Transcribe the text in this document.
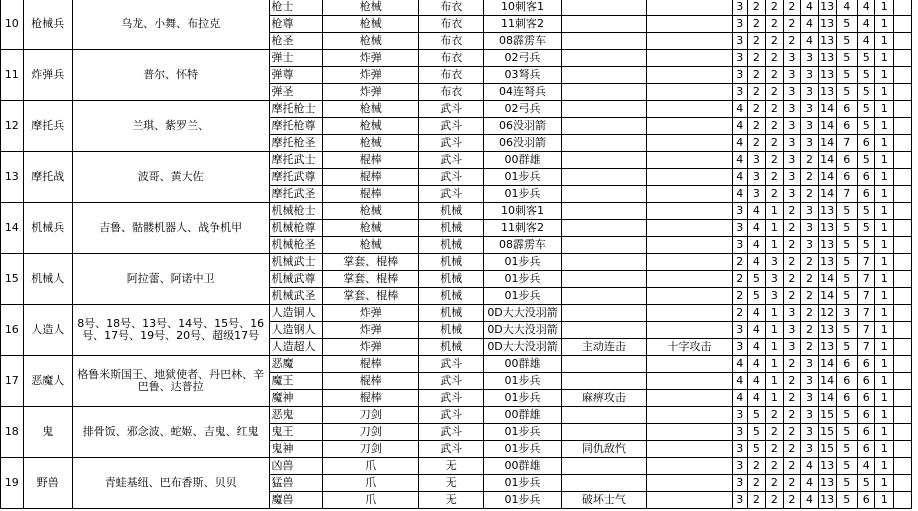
10	枪械兵	乌龙、小舞、布拉克	枪士	枪械	布衣	10刺客1			3	2	2	2	4	13	4	4	1	
			枪尊	枪械	布衣	11刺客2			3	2	2	2	4	13	5	4	1	
			枪圣	枪械	布衣	08霹雳车			3	2	2	2	4	13	5	4	1	
11	炸弹兵	普尔、怀特	弹士	炸弹	布衣	02弓兵			3	2	2	3	3	13	5	5	1	
			弹尊	炸弹	布衣	03弩兵			3	2	2	3	3	13	5	5	1	
			弹圣	炸弹	布衣	04连弩兵			3	2	2	3	3	13	5	5	1	
12	摩托兵	兰琪、紫罗兰、	摩托枪士	枪械	武斗	02弓兵			4	2	2	3	3	14	6	5	1	
			摩托枪尊	枪械	武斗	06没羽箭			4	2	2	3	3	14	6	5	1	
			摩托枪圣	枪械	武斗	06没羽箭			4	2	2	3	3	14	7	6	1	
13	摩托战	波哥、黄大佐	摩托武士	棍棒	武斗	00群雄			4	3	2	3	2	14	6	5	1	
			摩托武尊	棍棒	武斗	01步兵			4	3	2	3	2	14	6	6	1	
			摩托武圣	棍棒	武斗	01步兵			4	3	2	3	2	14	7	6	1	
14	机械兵	吉鲁、骷髅机器人、战争机甲	机械枪士	枪械	机械	10刺客1			3	4	1	2	3	13	5	5	1	
			机械枪尊	枪械	机械	11刺客2			3	4	1	2	3	13	5	5	1	
			机械枪圣	枪械	机械	08霹雳车			3	4	1	2	3	13	5	5	1	
15	机械人	阿拉蕾、阿诺中卫	机械武士	掌套、棍棒	机械	01步兵			2	4	3	2	2	13	5	7	1	
			机械武尊	掌套、棍棒	机械	01步兵			2	5	3	2	2	14	5	7	1	
			机械武圣	掌套、棍棒	机械	01步兵			2	5	3	2	2	14	5	7	1	
16	人造人	8号、18号、13号、14号、15号、16号、17号、19号、20号、超级17号	人造铜人	炸弹	机械	0D大大没羽箭			2	4	1	3	2	12	3	7	1	
			人造钢人	炸弹	机械	0D大大没羽箭			3	4	1	3	2	13	5	7	1	
			人造超人	炸弹	机械	0D大大没羽箭	主动连击	十字攻击	3	4	1	3	2	13	5	7	1	
17	恶魔人	格鲁米斯国王、地狱使者、丹巴林、辛巴鲁、达普拉	恶魔	棍棒	武斗	00群雄			4	4	1	2	3	14	6	6	1	
			魔王	棍棒	武斗	01步兵			4	4	1	2	3	14	6	6	1	
			魔神	棍棒	武斗	01步兵	麻痹攻击		4	4	1	2	3	14	6	6	1	
18	鬼	排骨饭、邪念波、蛇姬、吉鬼、红鬼	恶鬼	刀剑	武斗	00群雄			3	5	2	2	3	15	5	6	1	
			鬼王	刀剑	武斗	01步兵			3	5	2	2	3	15	5	6	1	
			鬼神	刀剑	武斗	01步兵	同仇敌忾		3	5	2	2	3	15	5	6	1	
19	野兽	青蛙基纽、巴布香斯、贝贝	凶兽	爪	无	00群雄			3	2	2	2	4	13	5	4	1	
			猛兽	爪	无	01步兵			3	2	2	2	4	13	5	5	1	
			魔兽	爪	无	01步兵	破坏士气		3	2	2	2	4	13	5	6	1	
